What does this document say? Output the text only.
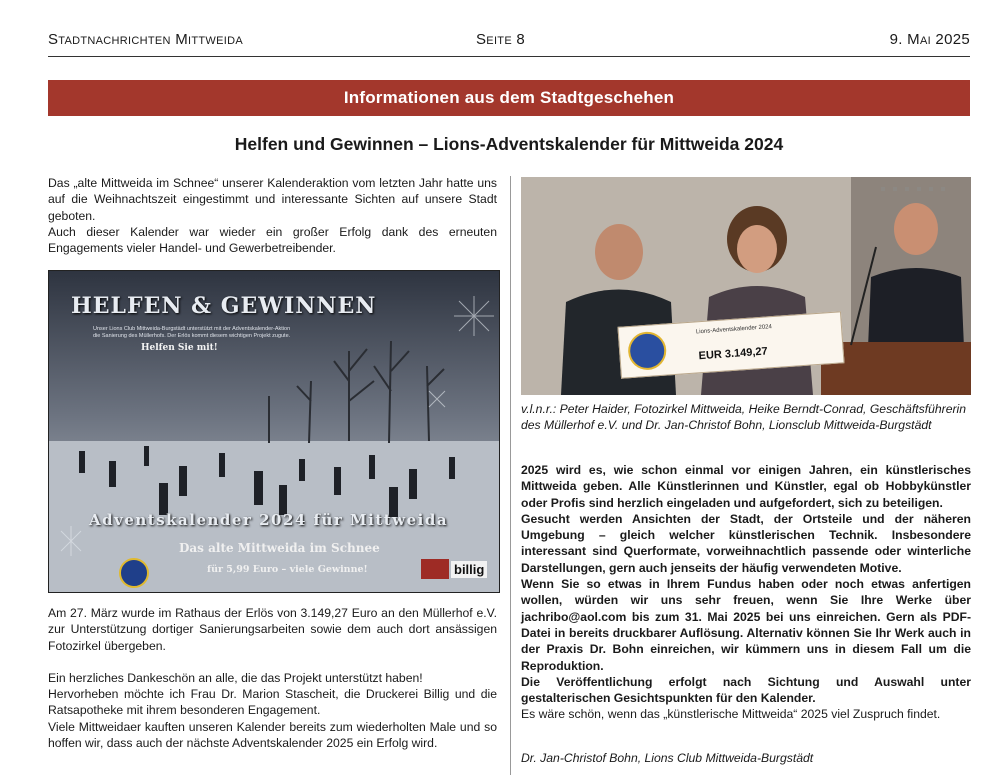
Stadtnachrichten Mittweida	Seite 8	9. Mai 2025
Informationen aus dem Stadtgeschehen
Helfen und Gewinnen – Lions-Adventskalender für Mittweida 2024

Das „alte Mittweida im Schnee“ unserer Kalenderaktion vom letzten Jahr hatte uns auf die Weihnachtszeit eingestimmt und interessante Sichten auf unsere Stadt geboten.

Auch dieser Kalender war wieder ein großer Erfolg dank des erneuten Engagements vieler Handel- und Gewerbetreibender.

HELFEN & GEWINNEN
Unser Lions Club Mittweida-Burgstädt unterstützt mit der Adventskalender-Aktion die Sanierung des Müllerhofs. Der Erlös kommt diesem wichtigen Projekt zugute.
Helfen Sie mit!
Adventskalender 2024 für Mittweida
Das alte Mittweida im Schnee
für 5,99 Euro – viele Gewinne!	billig

Am 27. März wurde im Rathaus der Erlös von 3.149,27 Euro an den Müllerhof e.V. zur Unterstützung dortiger Sanierungsarbeiten sowie dem auch dort ansässigen Fotozirkel übergeben.

Ein herzliches Dankeschön an alle, die das Projekt unterstützt haben!

Hervorheben möchte ich Frau Dr. Marion Stascheit, die Druckerei Billig und die Ratsapotheke mit ihrem besonderen Engagement.

Viele Mittweidaer kauften unseren Kalender bereits zum wiederholten Male und so hoffen wir, dass auch der nächste Adventskalender 2025 ein Erfolg wird.

Lions-Adventskalender 2024
EUR 3.149,27
v.l.n.r.: Peter Haider, Fotozirkel Mittweida, Heike Berndt-Conrad, Geschäftsführerin des Müllerhof e.V. und Dr. Jan-Christof Bohn, Lionsclub Mittweida-Burgstädt

2025 wird es, wie schon einmal vor einigen Jahren, ein künstlerisches Mittweida geben. Alle Künstlerinnen und Künstler, egal ob Hobbykünstler oder Profis sind herzlich eingeladen und aufgefordert, sich zu beteiligen.

Gesucht werden Ansichten der Stadt, der Ortsteile und der näheren Umgebung – gleich welcher künstlerischen Technik. Insbesondere interessant sind Querformate, vorweihnachtlich passende oder winterliche Darstellungen, gern auch jenseits der häufig verwendeten Motive.

Wenn Sie so etwas in Ihrem Fundus haben oder noch etwas anfertigen wollen, würden wir uns sehr freuen, wenn Sie Ihre Werke über jachribo@aol.com bis zum 31. Mai 2025 bei uns einreichen. Gern als PDF-Datei in bereits druckbarer Auflösung. Alternativ können Sie Ihr Werk auch in der Praxis Dr. Bohn einreichen, wir kümmern uns in diesem Fall um die Reproduktion.

Die Veröffentlichung erfolgt nach Sichtung und Auswahl unter gestalterischen Gesichtspunkten für den Kalender.

Es wäre schön, wenn das „künstlerische Mittweida“ 2025 viel Zuspruch findet.

Dr. Jan-Christof Bohn, Lions Club Mittweida-Burgstädt
